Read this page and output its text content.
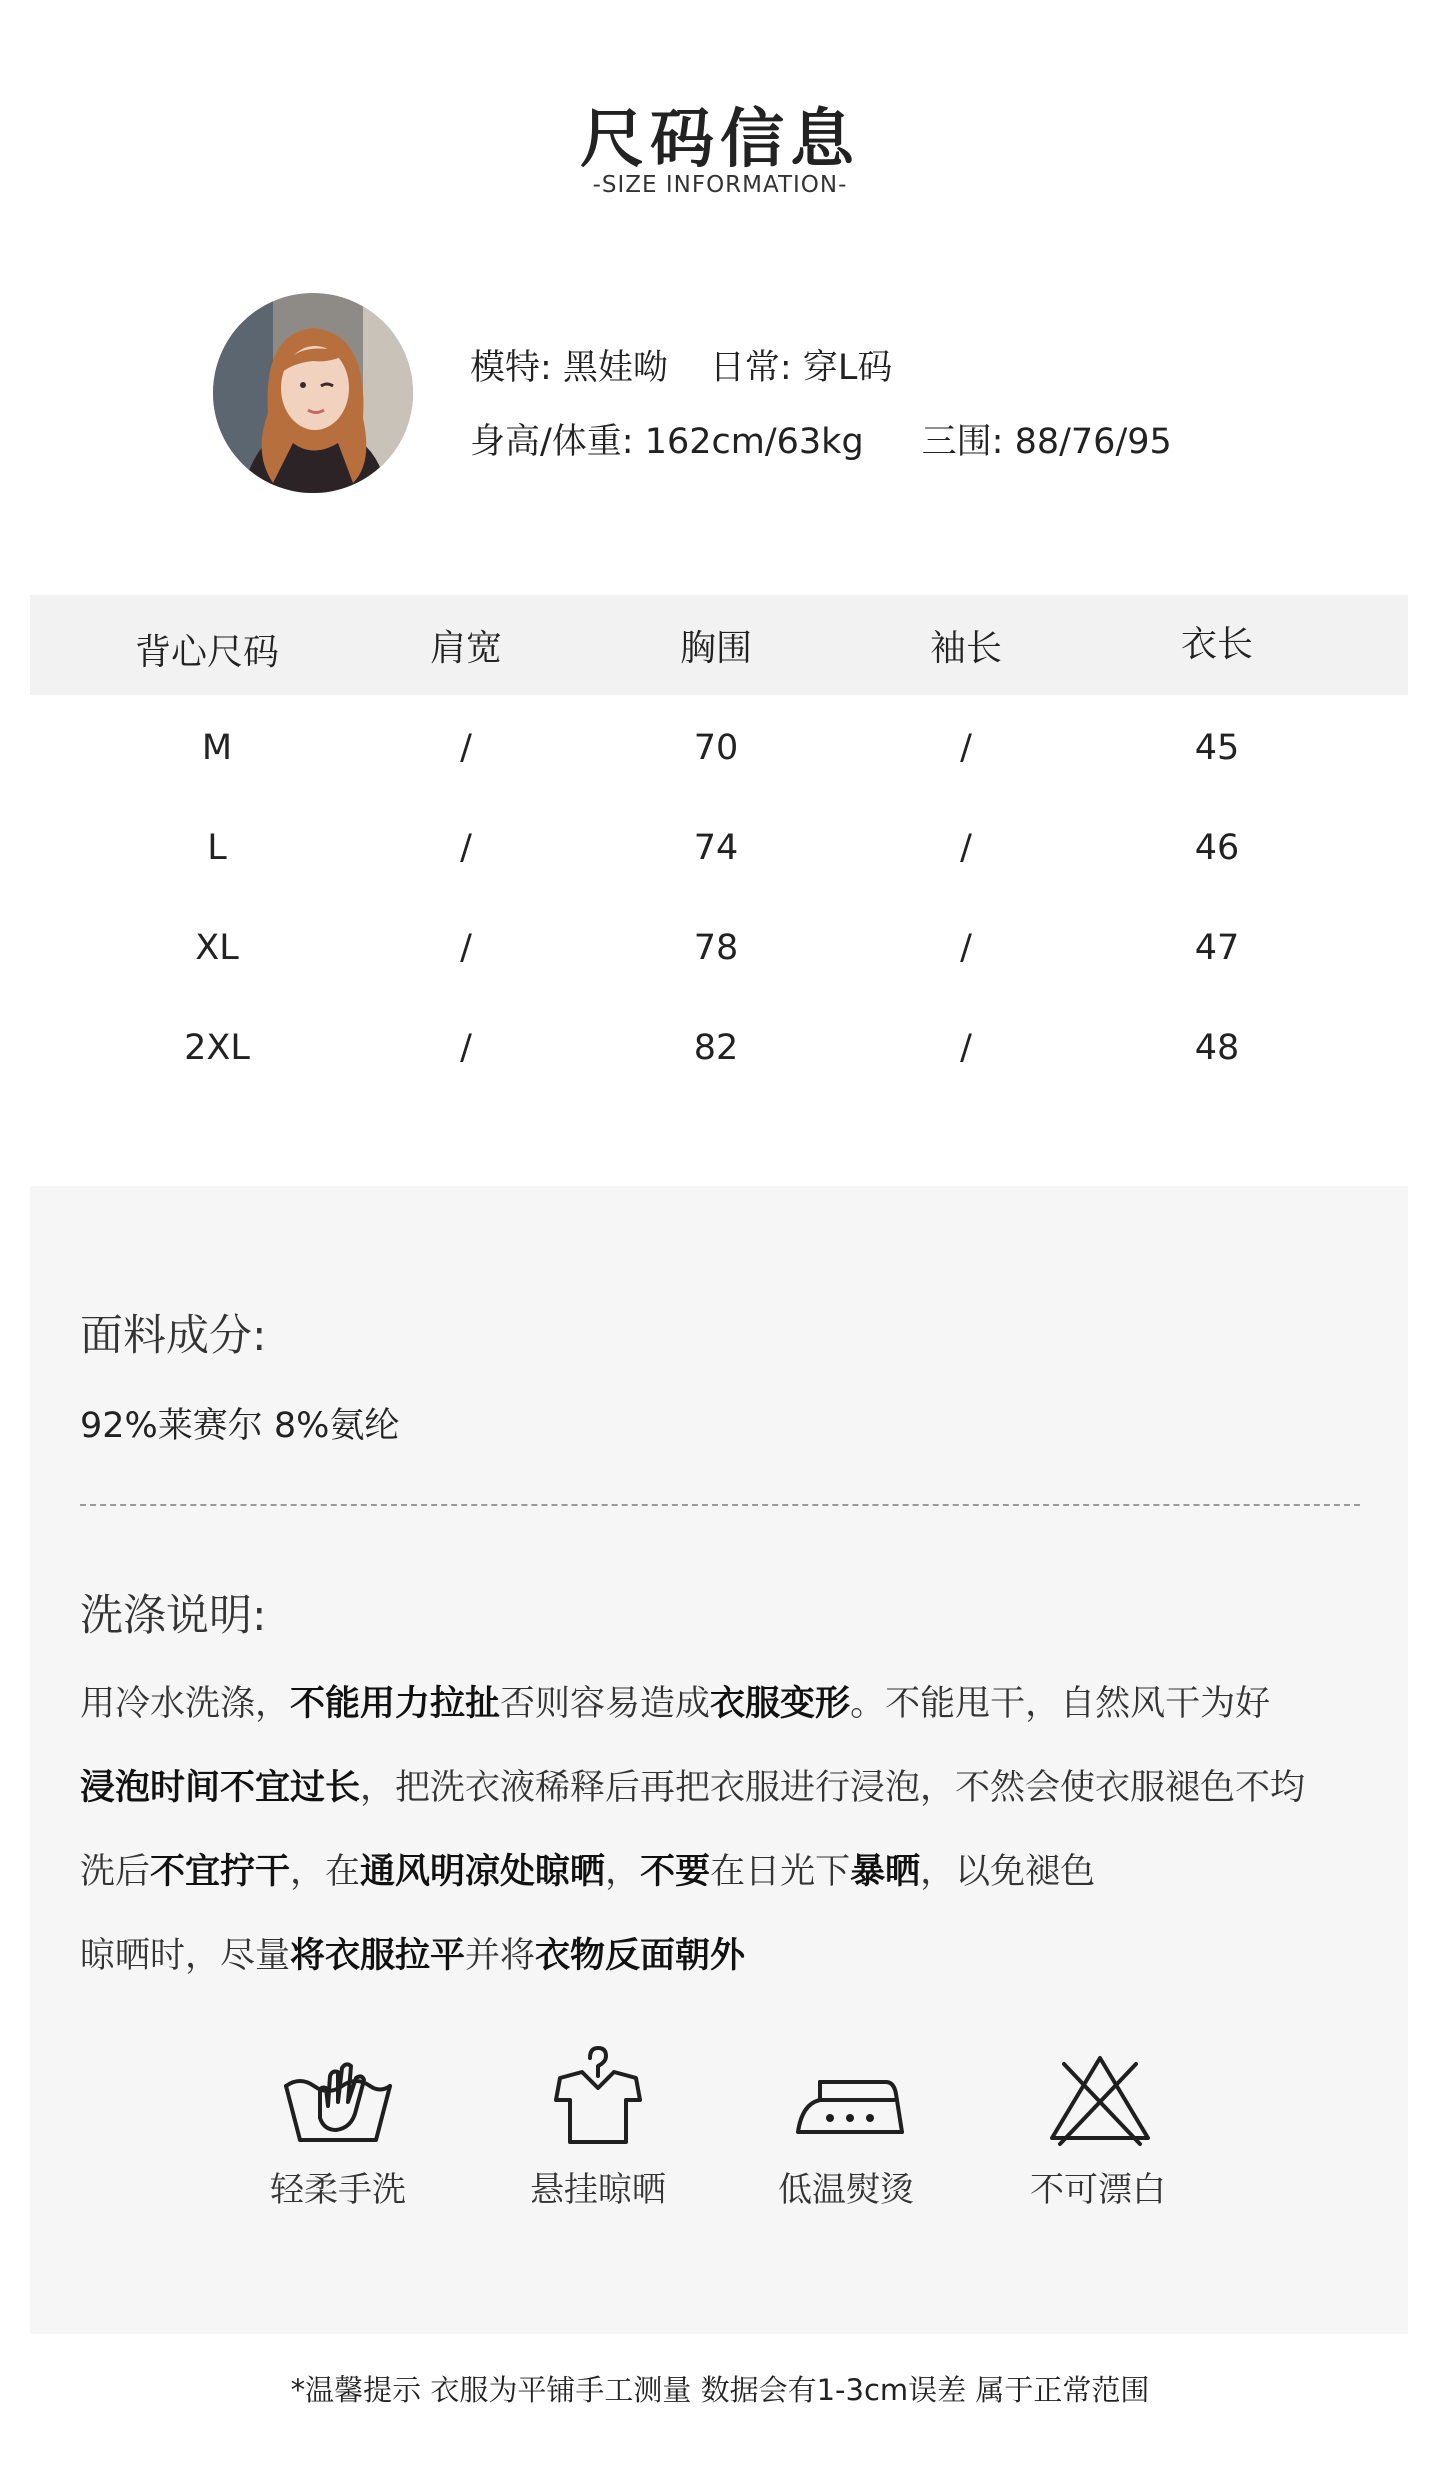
尺码信息
-SIZE INFORMATION-
模特: 黑娃呦 日常: 穿L码
身高/体重: 162cm/63kg 三围: 88/76/95
背心尺码	肩宽	胸围	袖长	衣长
M	/	70	/	45
L	/	74	/	46
XL	/	78	/	47
2XL	/	82	/	48
面料成分:
92%莱赛尔 8%氨纶
洗涤说明:
用冷水洗涤，不能用力拉扯否则容易造成衣服变形。不能甩干，自然风干为好
浸泡时间不宜过长，把洗衣液稀释后再把衣服进行浸泡，不然会使衣服褪色不均
洗后不宜拧干，在通风明凉处晾晒，不要在日光下暴晒，以免褪色
晾晒时，尽量将衣服拉平并将衣物反面朝外
轻柔手洗	悬挂晾晒	低温熨烫	不可漂白
*温馨提示 衣服为平铺手工测量 数据会有1-3cm误差 属于正常范围
